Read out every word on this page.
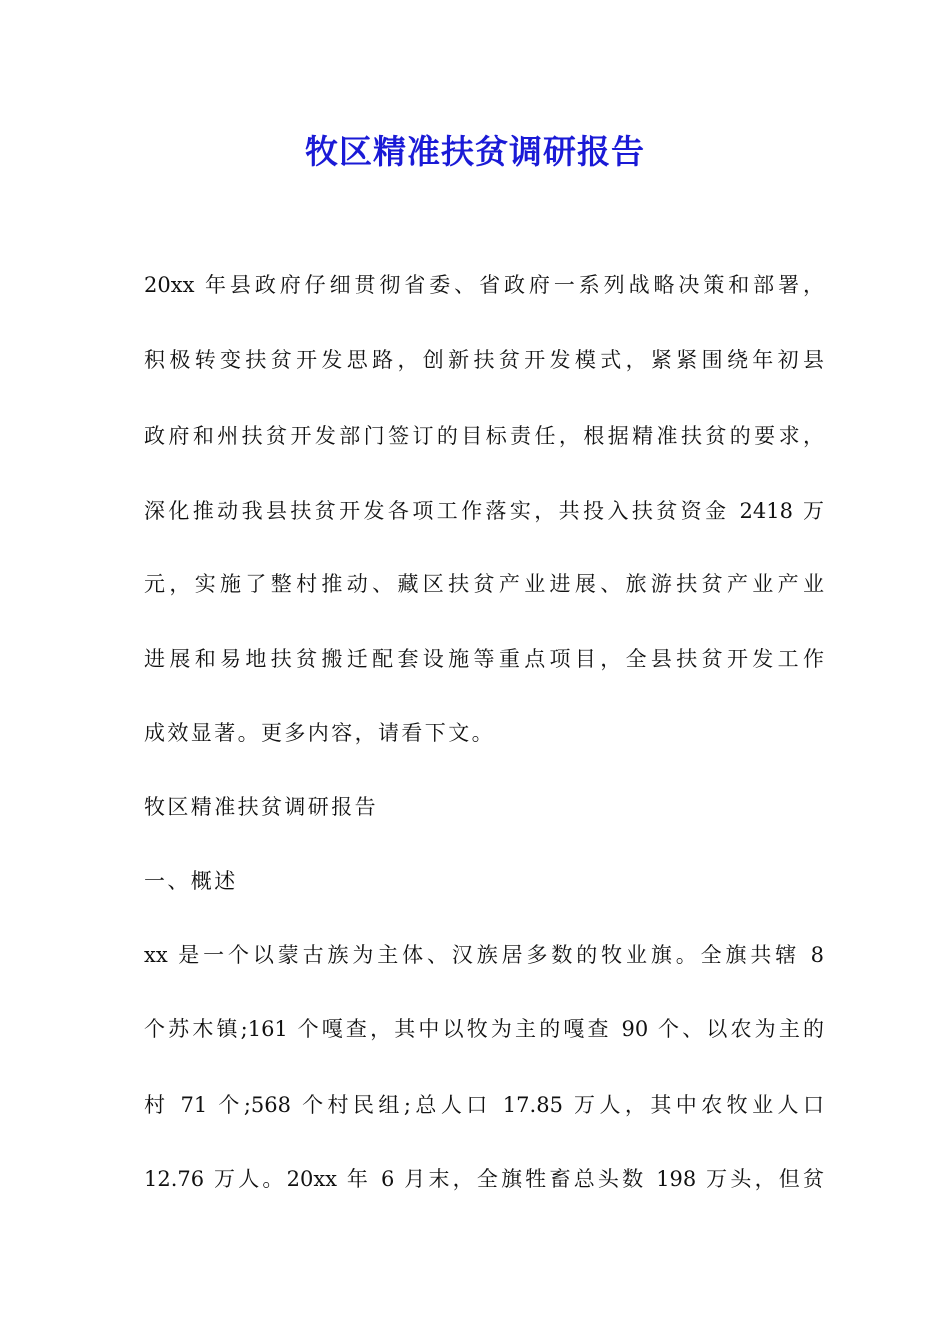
牧区精准扶贫调研报告
20xx 年县政府仔细贯彻省委、省政府一系列战略决策和部署，
积极转变扶贫开发思路，创新扶贫开发模式，紧紧围绕年初县
政府和州扶贫开发部门签订的目标责任，根据精准扶贫的要求，
深化推动我县扶贫开发各项工作落实，共投入扶贫资金 2418 万
元，实施了整村推动、藏区扶贫产业进展、旅游扶贫产业产业
进展和易地扶贫搬迁配套设施等重点项目，全县扶贫开发工作
成效显著。更多内容，请看下文。
牧区精准扶贫调研报告
一、概述
xx 是一个以蒙古族为主体、汉族居多数的牧业旗。全旗共辖 8
个苏木镇;161 个嘎查，其中以牧为主的嘎查 90 个、以农为主的
村 71 个;568 个村民组;总人口 17.85 万人，其中农牧业人口
12.76 万人。20xx 年 6 月末，全旗牲畜总头数 198 万头，但贫
